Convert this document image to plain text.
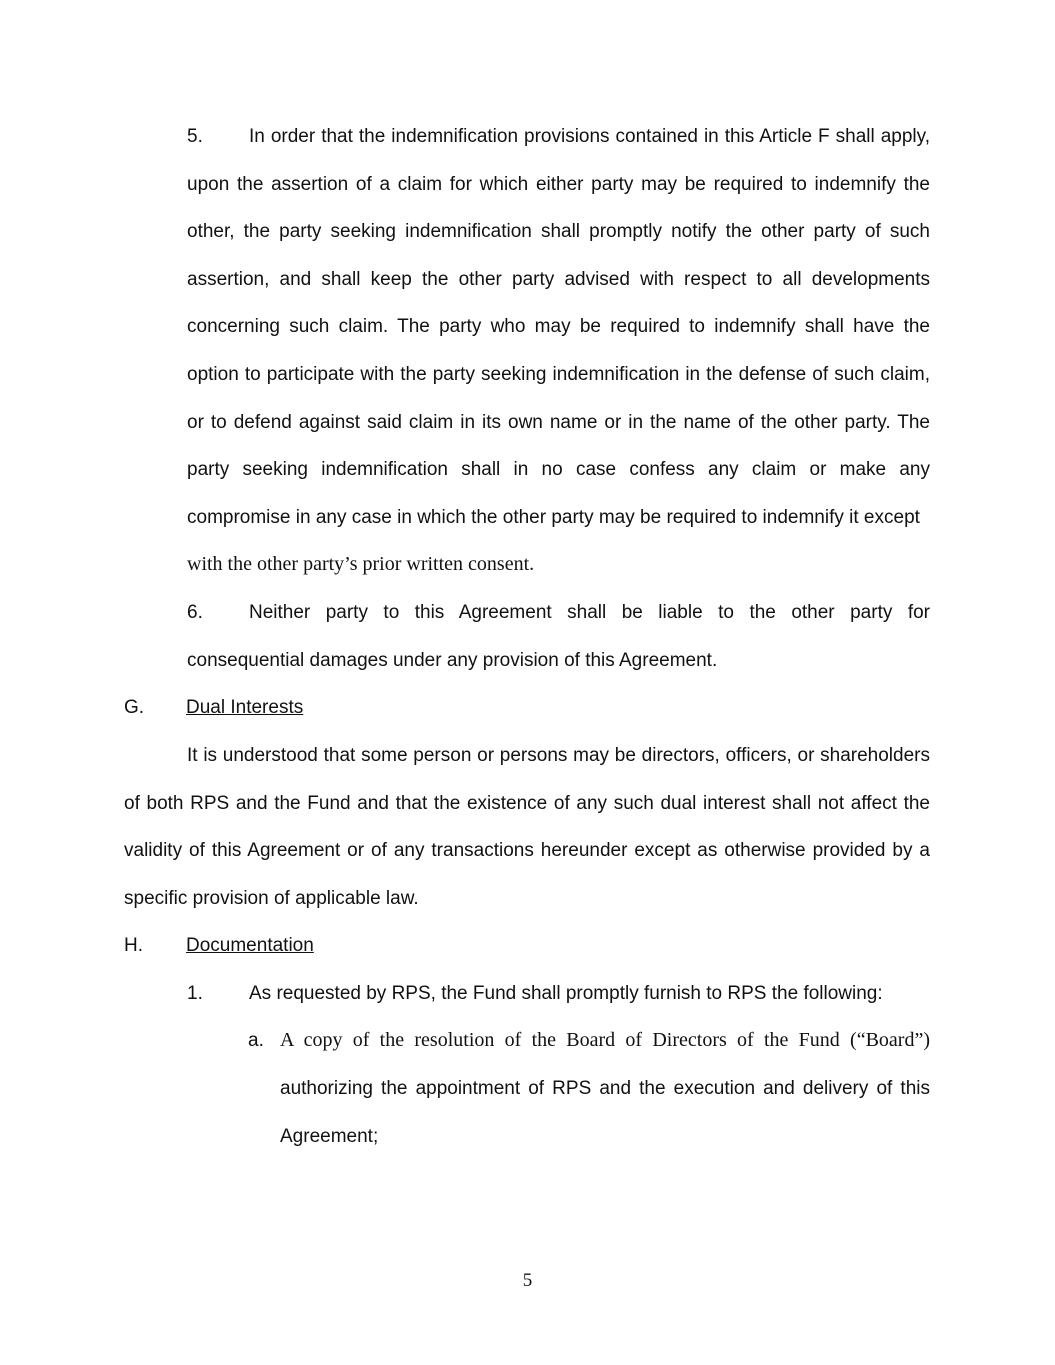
5. In order that the indemnification provisions contained in this Article F shall apply, upon the assertion of a claim for which either party may be required to indemnify the other, the party seeking indemnification shall promptly notify the other party of such assertion, and shall keep the other party advised with respect to all developments concerning such claim. The party who may be required to indemnify shall have the option to participate with the party seeking indemnification in the defense of such claim, or to defend against said claim in its own name or in the name of the other party. The party seeking indemnification shall in no case confess any claim or make any compromise in any case in which the other party may be required to indemnify it except
with the other party’s prior written consent.
6. Neither party to this Agreement shall be liable to the other party for consequential damages under any provision of this Agreement.
G. Dual Interests
It is understood that some person or persons may be directors, officers, or shareholders of both RPS and the Fund and that the existence of any such dual interest shall not affect the validity of this Agreement or of any transactions hereunder except as otherwise provided by a specific provision of applicable law.
H. Documentation
1. As requested by RPS, the Fund shall promptly furnish to RPS the following:
a. A copy of the resolution of the Board of Directors of the Fund (“Board”)
authorizing the appointment of RPS and the execution and delivery of this Agreement;
5
